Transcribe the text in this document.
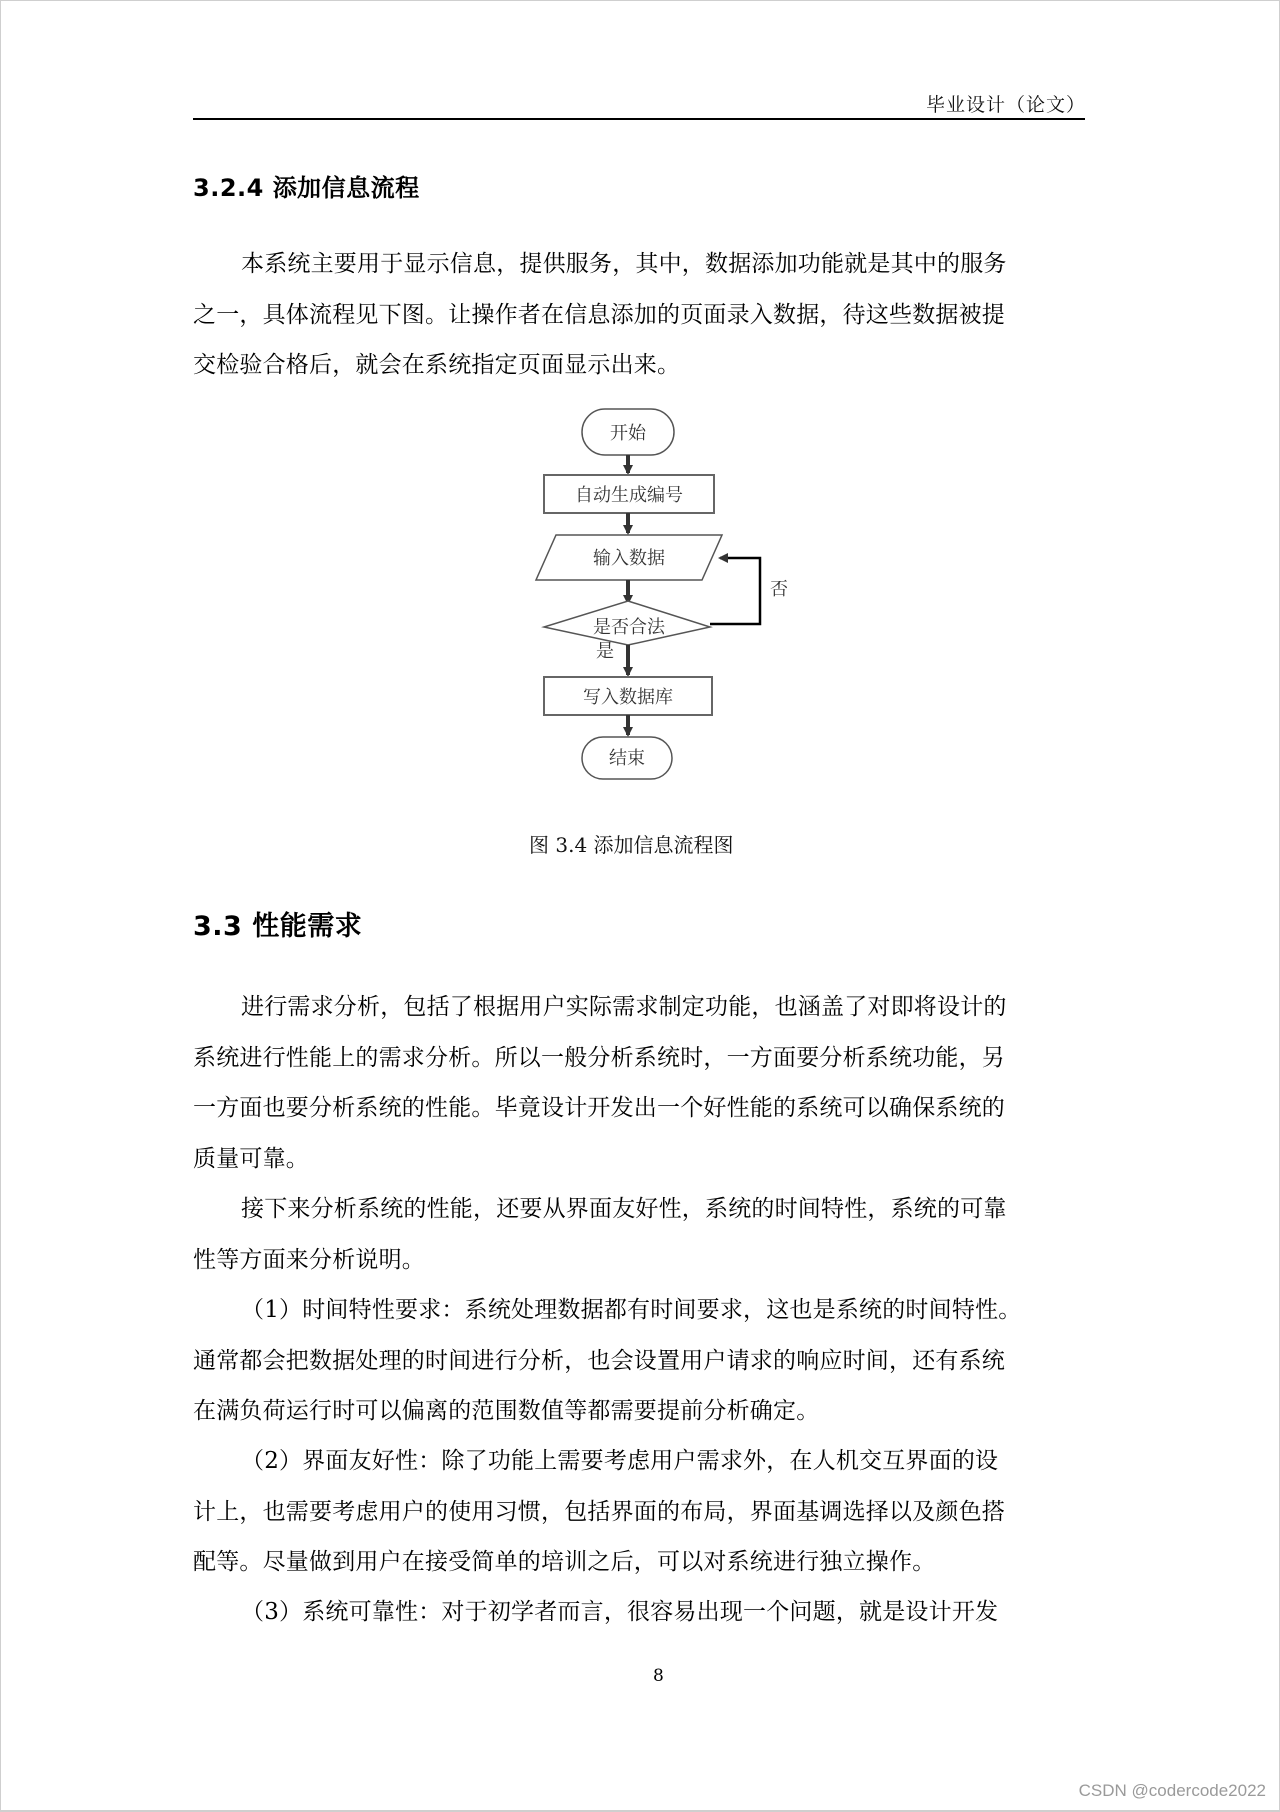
毕业设计（论文）
3.2.4 添加信息流程
本系统主要用于显示信息，提供服务，其中，数据添加功能就是其中的服务
之一，具体流程见下图。让操作者在信息添加的页面录入数据，待这些数据被提
交检验合格后，就会在系统指定页面显示出来。
开始
自动生成编号
输入数据
是否合法
否
是
写入数据库
结束
图 3.4 添加信息流程图
3.3 性能需求
进行需求分析，包括了根据用户实际需求制定功能，也涵盖了对即将设计的
系统进行性能上的需求分析。所以一般分析系统时，一方面要分析系统功能，另
一方面也要分析系统的性能。毕竟设计开发出一个好性能的系统可以确保系统的
质量可靠。
接下来分析系统的性能，还要从界面友好性，系统的时间特性，系统的可靠
性等方面来分析说明。
（1）时间特性要求：系统处理数据都有时间要求，这也是系统的时间特性。
通常都会把数据处理的时间进行分析，也会设置用户请求的响应时间，还有系统
在满负荷运行时可以偏离的范围数值等都需要提前分析确定。
（2）界面友好性：除了功能上需要考虑用户需求外，在人机交互界面的设
计上，也需要考虑用户的使用习惯，包括界面的布局，界面基调选择以及颜色搭
配等。尽量做到用户在接受简单的培训之后，可以对系统进行独立操作。
（3）系统可靠性：对于初学者而言，很容易出现一个问题，就是设计开发
8
CSDN @codercode2022
